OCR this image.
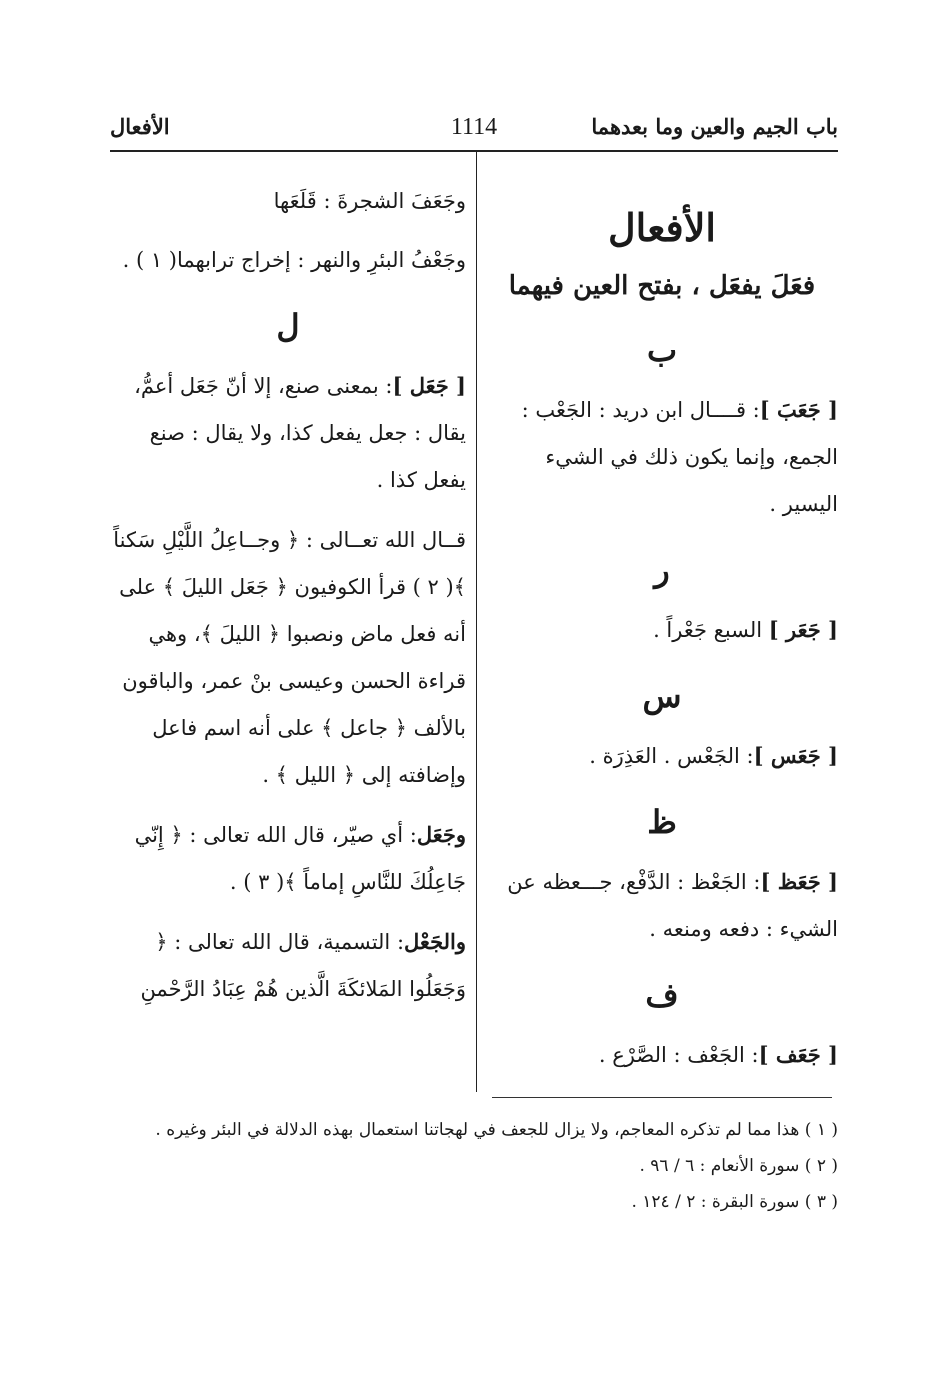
باب الجيم والعين وما بعدهما
1114
الأفعال
الأفعال
فعَلَ يفعَل ، بفتح العين فيهما
ب

[ جَعَبَ ]: قــــال ابن دريد : الجَعْب : الجمع، وإنما يكون ذلك في الشيء اليسير .

ر

[ جَعَر ] السبع جَعْراً .

س

[ جَعَس ]: الجَعْس . العَذِرَة .

ظ

[ جَعَظ ]: الجَعْظ : الدَّفْع، جـــعظه عن الشيء : دفعه ومنعه .

ف

[ جَعَف ]: الجَعْف : الصَّرْع .

وجَعَفَ الشجرةَ : قَلَعَها

وجَعْفُ البئرِ والنهر : إخراج ترابهما( ١ ) .

ل

[ جَعَل ]: بمعنى صنع، إلا أنّ جَعَل أعمُّ، يقال : جعل يفعل كذا، ولا يقال : صنع يفعل كذا .

قــال الله تعــالى : ﴿ وجــاعِلُ اللَّيْلِ سَكناً ﴾( ٢ ) قرأ الكوفيون ﴿ جَعَل الليلَ ﴾ على أنه فعل ماض ونصبوا ﴿ الليلَ ﴾، وهي قراءة الحسن وعيسى بنْ عمر، والباقون بالألف ﴿ جاعل ﴾ على أنه اسم فاعل وإضافته إلى ﴿ الليل ﴾ .

وجَعَل: أي صيّر، قال الله تعالى : ﴿ إِنّي جَاعِلُكَ للنَّاسِ إماماً ﴾( ٣ ) .

والجَعْل: التسمية، قال الله تعالى : ﴿ وَجَعَلُوا المَلائكَةَ الَّذين هُمْ عِبَادُ الرَّحْمنِ

( ١ ) هذا مما لم تذكره المعاجم، ولا يزال للجعف في لهجاتنا استعمال بهذه الدلالة في البئر وغيره .
( ٢ ) سورة الأنعام : ٦ / ٩٦ .
( ٣ ) سورة البقرة : ٢ / ١٢٤ .
